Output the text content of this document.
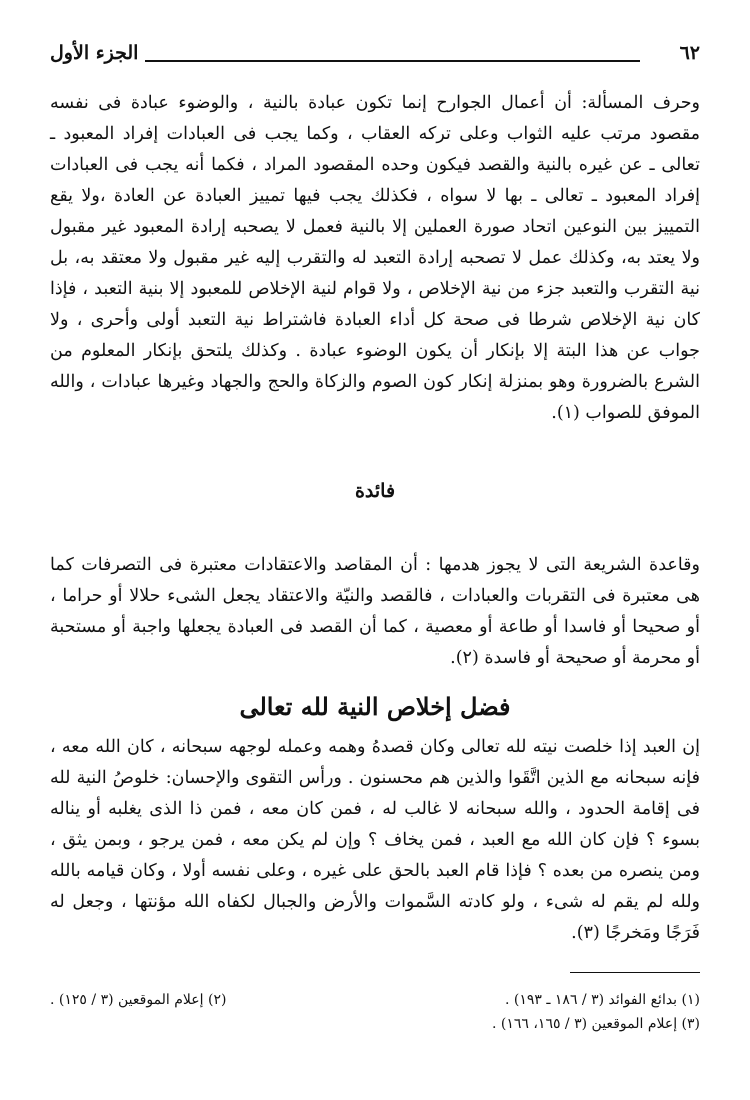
٦٢
الجزء الأول

وحرف المسألة: أن أعمال الجوارح إنما تكون عبادة بالنية ، والوضوء عبادة فى نفسه مقصود مرتب عليه الثواب وعلى تركه العقاب ، وكما يجب فى العبادات إفراد المعبود ـ تعالى ـ عن غيره بالنية والقصد فيكون وحده المقصود المراد ، فكما أنه يجب فى العبادات إفراد المعبود ـ تعالى ـ بها لا سواه ، فكذلك يجب فيها تمييز العبادة عن العادة ،ولا يقع التمييز بين النوعين اتحاد صورة العملين إلا بالنية فعمل لا يصحبه إرادة المعبود غير مقبول ولا يعتد به، وكذلك عمل لا تصحبه إرادة التعبد له والتقرب إليه غير مقبول ولا معتقد به، بل نية التقرب والتعبد جزء من نية الإخلاص ، ولا قوام لنية الإخلاص للمعبود إلا بنية التعبد ، فإذا كان نية الإخلاص شرطا فى صحة كل أداء العبادة فاشتراط نية التعبد أولى وأحرى ، ولا جواب عن هذا البتة إلا بإنكار أن يكون الوضوء عبادة . وكذلك يلتحق بإنكار المعلوم من الشرع بالضرورة وهو بمنزلة إنكار كون الصوم والزكاة والحج والجهاد وغيرها عبادات ، والله الموفق للصواب (١).

فائدة

وقاعدة الشريعة التى لا يجوز هدمها : أن المقاصد والاعتقادات معتبرة فى التصرفات كما هى معتبرة فى التقربات والعبادات ، فالقصد والنيّة والاعتقاد يجعل الشىء حلالا أو حراما ، أو صحيحا أو فاسدا أو طاعة أو معصية ، كما أن القصد فى العبادة يجعلها واجبة أو مستحبة أو محرمة أو صحيحة أو فاسدة (٢).

فضل إخلاص النية لله تعالى

إن العبد إذا خلصت نيته لله تعالى وكان قصدهُ وهمه وعمله لوجهه سبحانه ، كان الله معه ، فإنه سبحانه مع الذين اتَّقَوا والذين هم محسنون . ورأس التقوى والإحسان: خلوصُ النية لله فى إقامة الحدود ، والله سبحانه لا غالب له ، فمن كان معه ، فمن ذا الذى يغلبه أو يناله بسوء ؟ فإن كان الله مع العبد ، فمن يخاف ؟ وإن لم يكن معه ، فمن يرجو ، وبمن يثق ، ومن ينصره من بعده ؟ فإذا قام العبد بالحق على غيره ، وعلى نفسه أولا ، وكان قيامه بالله ولله لم يقم له شىء ، ولو كادته السَّموات والأرض والجبال لكفاه الله مؤنتها ، وجعل له فَرَجًا ومَخرجًا (٣).

(١) بدائع الفوائد (٣ / ١٨٦ ـ ١٩٣) .
(٢) إعلام الموقعين (٣ / ١٢٥) .
(٣) إعلام الموقعين (٣ / ١٦٥، ١٦٦) .
